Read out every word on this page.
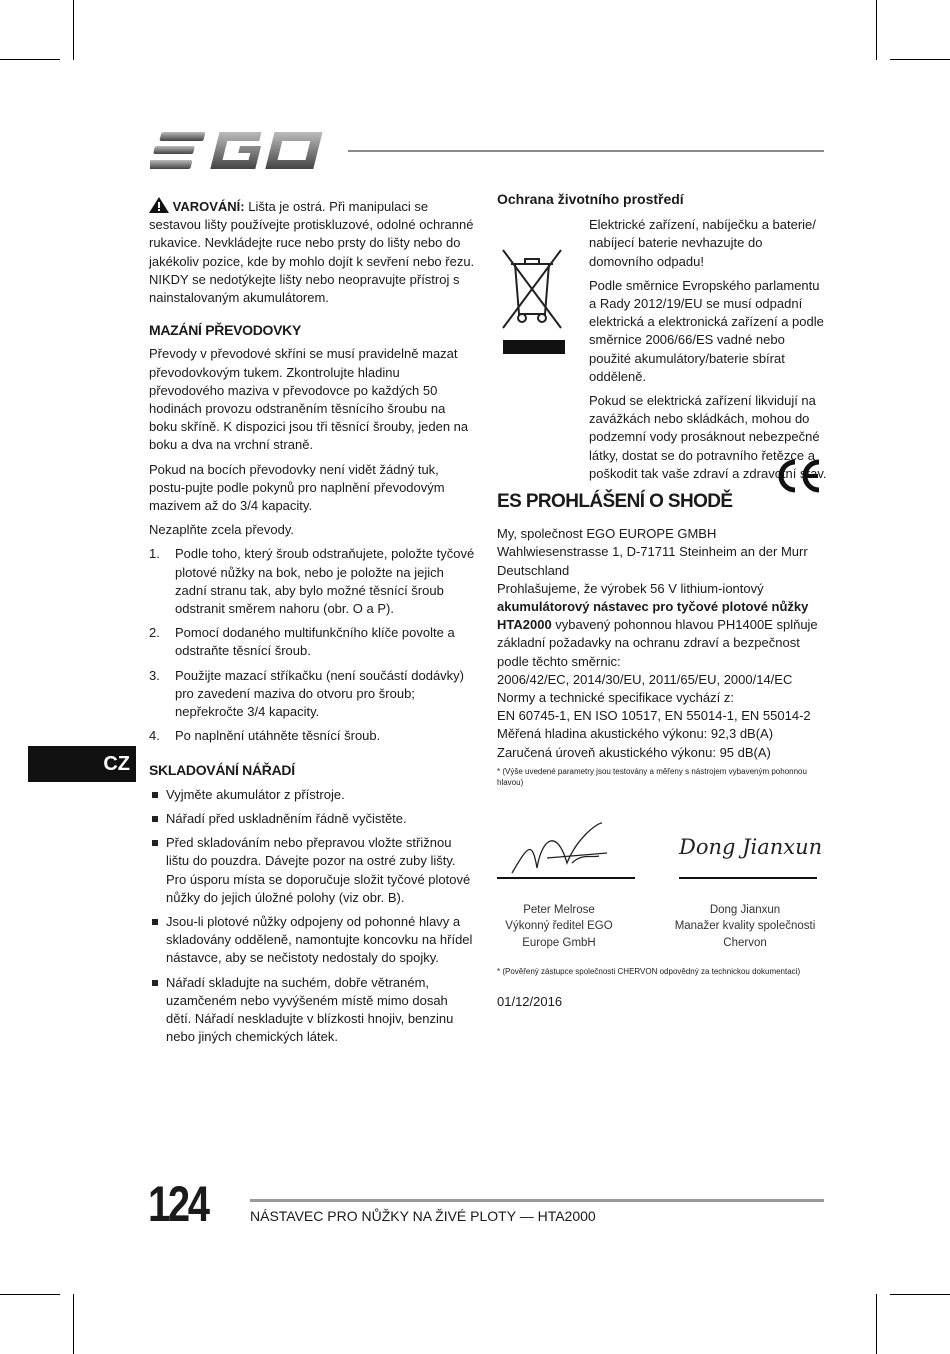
VAROVÁNÍ: Lišta je ostrá. Při manipulaci se sestavou lišty používejte protiskluzové, odolné ochranné rukavice. Nevkládejte ruce nebo prsty do lišty nebo do jakékoliv pozice, kde by mohlo dojít k sevření nebo řezu. NIKDY se nedotýkejte lišty nebo neopravujte přístroj s nainstalovaným akumulátorem.

MAZÁNÍ PŘEVODOVKY

Převody v převodové skříni se musí pravidelně mazat převodovkovým tukem. Zkontrolujte hladinu převodového maziva v převodovce po každých 50 hodinách provozu odstraněním těsnícího šroubu na boku skříně. K dispozici jsou tři těsnící šrouby, jeden na boku a dva na vrchní straně.

Pokud na bocích převodovky není vidět žádný tuk, postu-pujte podle pokynů pro naplnění převodovým mazivem až do 3/4 kapacity.

Nezaplňte zcela převody.

1. Podle toho, který šroub odstraňujete, položte tyčové plotové nůžky na bok, nebo je položte na jejich zadní stranu tak, aby bylo možné těsnící šroub odstranit směrem nahoru (obr. O a P).
2. Pomocí dodaného multifunkčního klíče povolte a odstraňte těsnící šroub.
3. Použijte mazací stříkačku (není součástí dodávky) pro zavedení maziva do otvoru pro šroub; nepřekročte 3/4 kapacity.
4. Po naplnění utáhněte těsnící šroub.
SKLADOVÁNÍ NÁŘADÍ
Vyjměte akumulátor z přístroje.
Nářadí před uskladněním řádně vyčistěte.
Před skladováním nebo přepravou vložte střižnou lištu do pouzdra. Dávejte pozor na ostré zuby lišty. Pro úsporu místa se doporučuje složit tyčové plotové nůžky do jejich úložné polohy (viz obr. B).
Jsou-li plotové nůžky odpojeny od pohonné hlavy a skladovány odděleně, namontujte koncovku na hřídel nástavce, aby se nečistoty nedostaly do spojky.
Nářadí skladujte na suchém, dobře větraném, uzamčeném nebo vyvýšeném místě mimo dosah dětí. Nářadí neskladujte v blízkosti hnojiv, benzinu nebo jiných chemických látek.
Ochrana životního prostředí

Elektrické zařízení, nabíječku a baterie/ nabíjecí baterie nevhazujte do domovního odpadu!

Podle směrnice Evropského parlamentu a Rady 2012/19/EU se musí odpadní elektrická a elektronická zařízení a podle směrnice 2006/66/ES vadné nebo použité akumulátory/baterie sbírat odděleně.

Pokud se elektrická zařízení likvidují na zavážkách nebo skládkách, mohou do podzemní vody prosáknout nebezpečné látky, dostat se do potravního řetězce a poškodit tak vaše zdraví a zdravotní stav.

ES PROHLÁŠENÍ O SHODĚ
My, společnost EGO EUROPE GMBH
Wahlwiesenstrasse 1, D-71711 Steinheim an der Murr
Deutschland
Prohlašujeme, že výrobek 56 V lithium-iontový
akumulátorový nástavec pro tyčové plotové nůžky
HTA2000 vybavený pohonnou hlavou PH1400E splňuje základní požadavky na ochranu zdraví a bezpečnost podle těchto směrnic:
2006/42/EC, 2014/30/EU, 2011/65/EU, 2000/14/EC
Normy a technické specifikace vychází z:
EN 60745-1, EN ISO 10517, EN 55014-1, EN 55014-2
Měřená hladina akustického výkonu: 92,3 dB(A)
Zaručená úroveň akustického výkonu: 95 dB(A)
* (Výše uvedené parametry jsou testovány a měřeny s nástrojem vybaveným pohonnou hlavou)
Dong Jianxun
Peter Melrose
Výkonný ředitel EGO
Europe GmbH
Dong Jianxun
Manažer kvality společnosti
Chervon
* (Pověřený zástupce společnosti CHERVON odpovědný za technickou dokumentaci)
01/12/2016
CZ
124	NÁSTAVEC PRO NŮŽKY NA ŽIVÉ PLOTY — HTA2000
